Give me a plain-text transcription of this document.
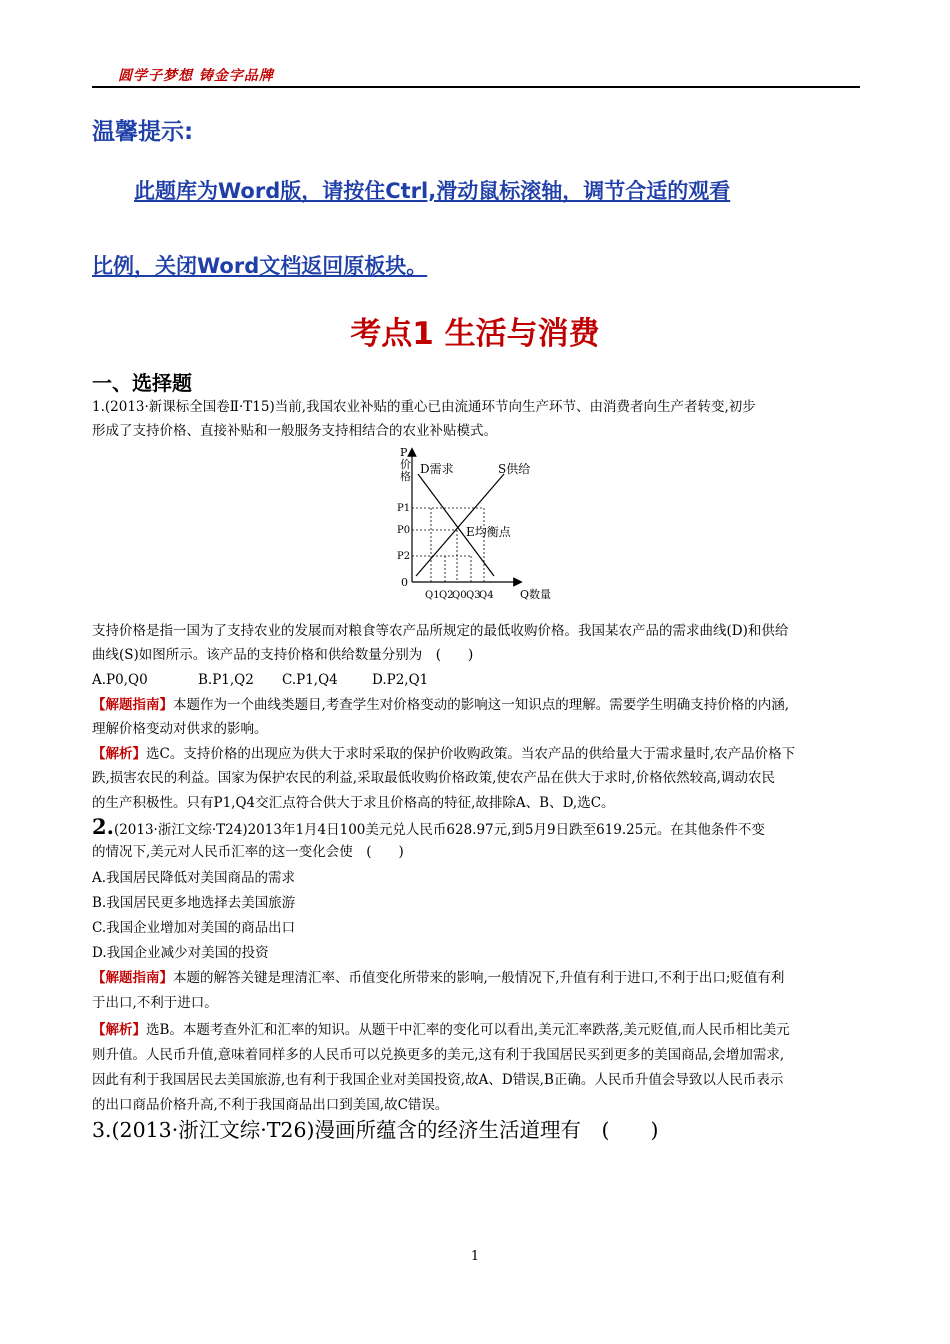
圆学子梦想 铸金字品牌
温馨提示:
此题库为Word版，请按住Ctrl,滑动鼠标滚轴，调节合适的观看
比例，关闭Word文档返回原板块。
考点1 生活与消费
一、选择题
1.(2013·新课标全国卷Ⅱ·T15)当前,我国农业补贴的重心已由流通环节向生产环节、由消费者向生产者转变,初步
形成了支持价格、直接补贴和一般服务支持相结合的农业补贴模式。
P
价
格
D需求	S供给
E均衡点
0
P1
P0
P2
Q1 Q2
Q0 Q3
Q4 Q数量
支持价格是指一国为了支持农业的发展而对粮食等农产品所规定的最低收购价格。我国某农产品的需求曲线(D)和供给
曲线(S)如图所示。该产品的支持价格和供给数量分别为　(　　)
A.P0,Q0	B.P1,Q2 C.P1,Q4	D.P2,Q1
【解题指南】本题作为一个曲线类题目,考查学生对价格变动的影响这一知识点的理解。需要学生明确支持价格的内涵,
理解价格变动对供求的影响。
【解析】选C。支持价格的出现应为供大于求时采取的保护价收购政策。当农产品的供给量大于需求量时,农产品价格下
跌,损害农民的利益。国家为保护农民的利益,采取最低收购价格政策,使农产品在供大于求时,价格依然较高,调动农民
的生产积极性。只有P1,Q4交汇点符合供大于求且价格高的特征,故排除A、B、D,选C。
2.(2013·浙江文综·T24)2013年1月4日100美元兑人民币628.97元,到5月9日跌至619.25元。在其他条件不变
的情况下,美元对人民币汇率的这一变化会使　(　　)
A.我国居民降低对美国商品的需求
B.我国居民更多地选择去美国旅游
C.我国企业增加对美国的商品出口
D.我国企业减少对美国的投资
【解题指南】本题的解答关键是理清汇率、币值变化所带来的影响,一般情况下,升值有利于进口,不利于出口;贬值有利
于出口,不利于进口。
【解析】选B。本题考查外汇和汇率的知识。从题干中汇率的变化可以看出,美元汇率跌落,美元贬值,而人民币相比美元
则升值。人民币升值,意味着同样多的人民币可以兑换更多的美元,这有利于我国居民买到更多的美国商品,会增加需求,
因此有利于我国居民去美国旅游,也有利于我国企业对美国投资,故A、D错误,B正确。人民币升值会导致以人民币表示
的出口商品价格升高,不利于我国商品出口到美国,故C错误。
3.(2013·浙江文综·T26)漫画所蕴含的经济生活道理有　(　　)
1
